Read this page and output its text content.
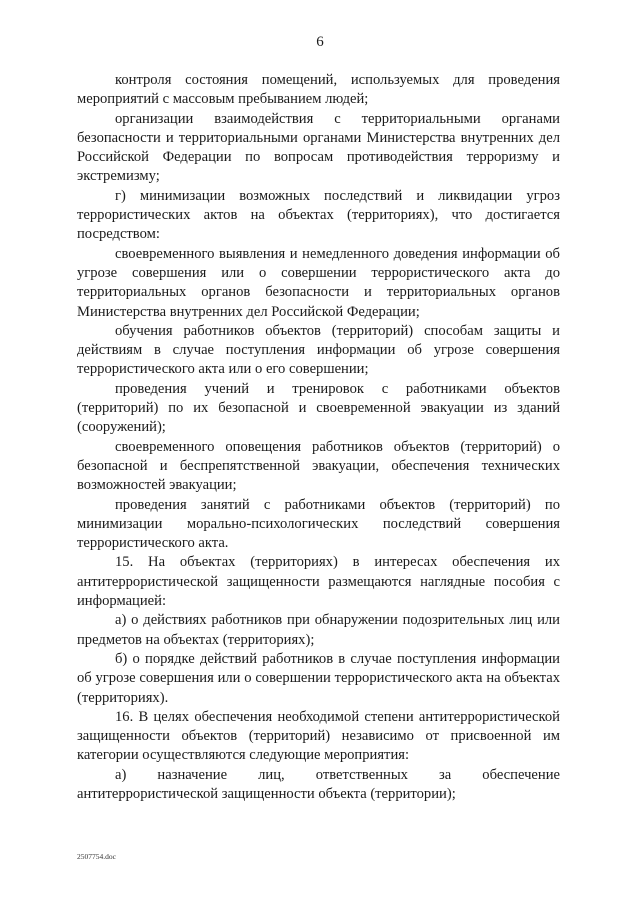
6

контроля состояния помещений, используемых для проведения мероприятий с массовым пребыванием людей;

организации взаимодействия с территориальными органами безопасности и территориальными органами Министерства внутренних дел Российской Федерации по вопросам противодействия терроризму и экстремизму;

г) минимизации возможных последствий и ликвидации угроз террористических актов на объектах (территориях), что достигается посредством:

своевременного выявления и немедленного доведения информации об угрозе совершения или о совершении террористического акта до территориальных органов безопасности и территориальных органов Министерства внутренних дел Российской Федерации;

обучения работников объектов (территорий) способам защиты и действиям в случае поступления информации об угрозе совершения террористического акта или о его совершении;

проведения учений и тренировок с работниками объектов (территорий) по их безопасной и своевременной эвакуации из зданий (сооружений);

своевременного оповещения работников объектов (территорий) о безопасной и беспрепятственной эвакуации, обеспечения технических возможностей эвакуации;

проведения занятий с работниками объектов (территорий) по минимизации морально-психологических последствий совершения террористического акта.

15. На объектах (территориях) в интересах обеспечения их антитеррористической защищенности размещаются наглядные пособия с информацией:

а) о действиях работников при обнаружении подозрительных лиц или предметов на объектах (территориях);

б) о порядке действий работников в случае поступления информации об угрозе совершения или о совершении террористического акта на объектах (территориях).

16. В целях обеспечения необходимой степени антитеррористической защищенности объектов (территорий) независимо от присвоенной им категории осуществляются следующие мероприятия:

а) назначение лиц, ответственных за обеспечение антитеррористической защищенности объекта (территории);

2507754.doc
